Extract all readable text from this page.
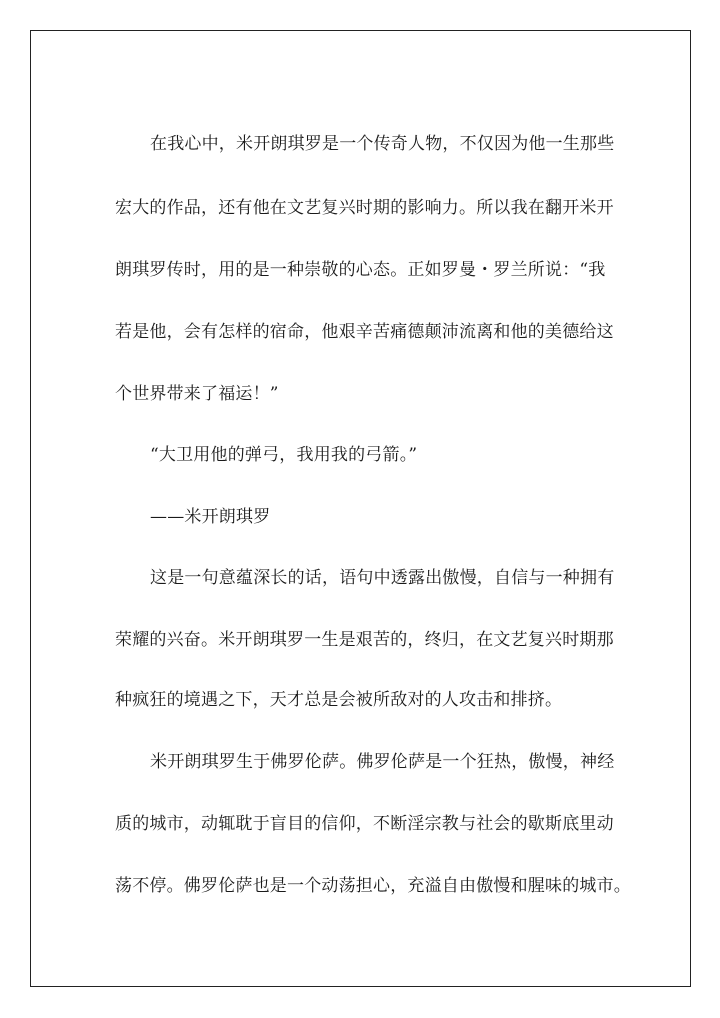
在我心中，米开朗琪罗是一个传奇人物，不仅因为他一生那些
宏大的作品，还有他在文艺复兴时期的影响力。所以我在翻开米开
朗琪罗传时，用的是一种崇敬的心态。正如罗曼・罗兰所说：“我
若是他，会有怎样的宿命，他艰辛苦痛德颠沛流离和他的美德给这
个世界带来了福运！”
“大卫用他的弹弓，我用我的弓箭。”
——米开朗琪罗
这是一句意蕴深长的话，语句中透露出傲慢，自信与一种拥有
荣耀的兴奋。米开朗琪罗一生是艰苦的，终归，在文艺复兴时期那
种疯狂的境遇之下，天才总是会被所敌对的人攻击和排挤。
米开朗琪罗生于佛罗伦萨。佛罗伦萨是一个狂热，傲慢，神经
质的城市，动辄耽于盲目的信仰，不断淫宗教与社会的歇斯底里动
荡不停。佛罗伦萨也是一个动荡担心，充溢自由傲慢和腥味的城市。
